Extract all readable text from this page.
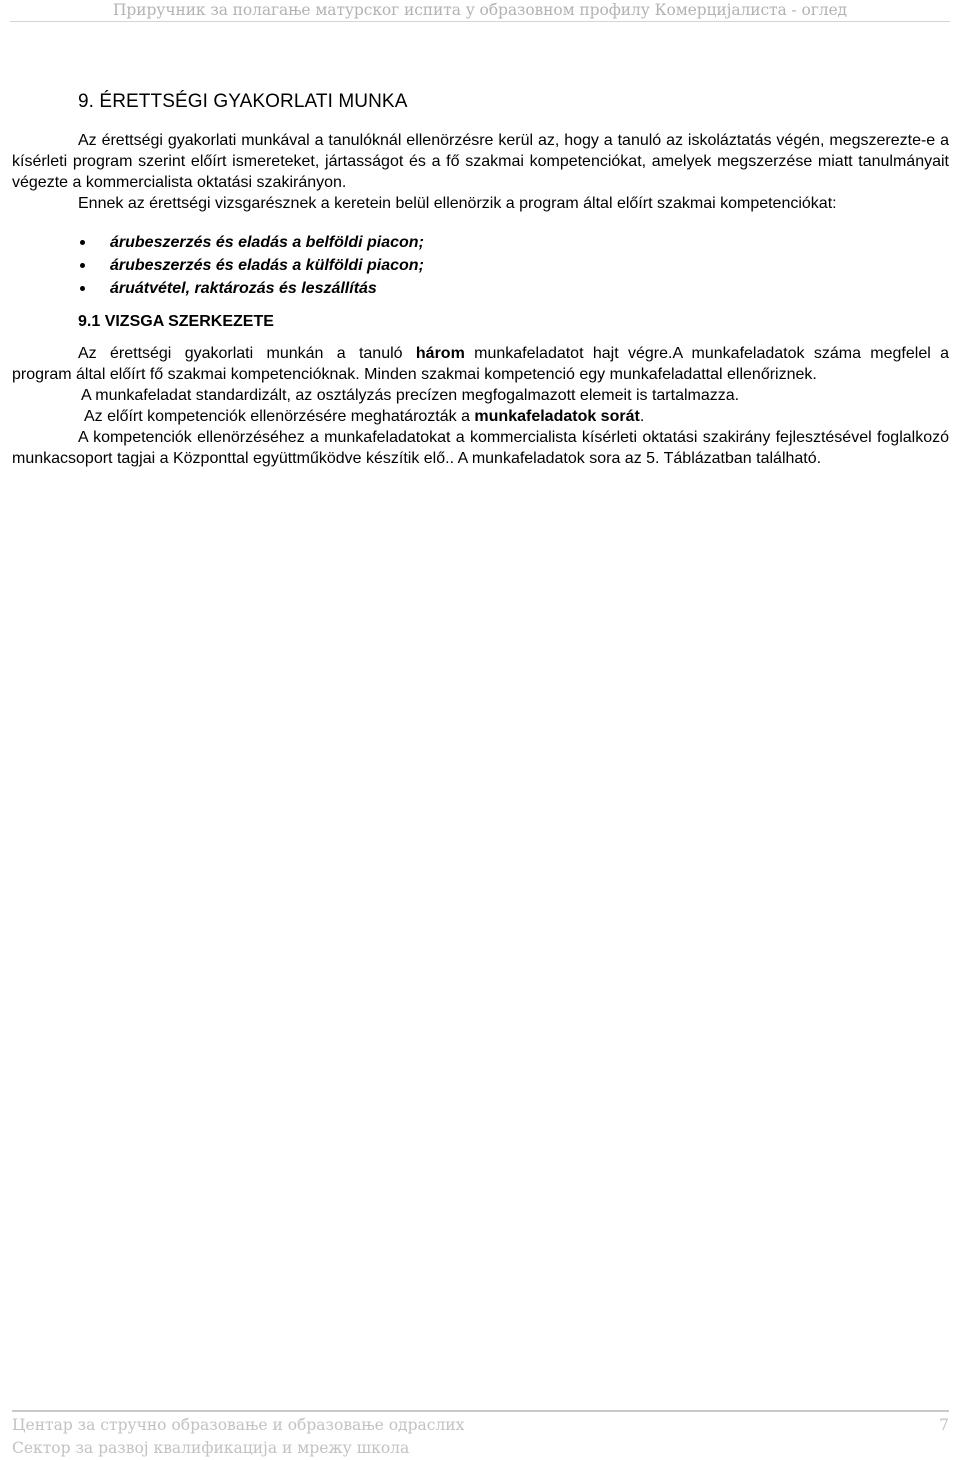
Приручник за полагање матурског испита у образовном профилу Комерцијалиста - оглед
9. ÉRETTSÉGI GYAKORLATI MUNKA

Az érettségi gyakorlati munkával a tanulóknál ellenörzésre kerül az, hogy a tanuló az iskoláztatás végén, megszerezte-e a kísérleti program szerint előírt ismereteket, jártasságot és a fő szakmai kompetenciókat, amelyek megszerzése miatt tanulmányait végezte a kommercialista oktatási szakirányon.

Ennek az érettségi vizsgarésznek a keretein belül ellenörzik a program által előírt szakmai kompetenciókat:

árubeszerzés és eladás a belföldi piacon;
árubeszerzés és eladás a külföldi piacon;
áruátvétel, raktározás és leszállítás
9.1 VIZSGA SZERKEZETE

Az érettségi gyakorlati munkán a tanuló három munkafeladatot hajt végre.A munkafeladatok száma megfelel a program által előírt fő szakmai kompetencióknak. Minden szakmai kompetenció egy munkafeladattal ellenőriznek.

A munkafeladat standardizált, az osztályzás precízen megfogalmazott elemeit is tartalmazza.

Az előírt kompetenciók ellenörzésére meghatározták a munkafeladatok sorát.

A kompetenciók ellenörzéséhez a munkafeladatokat a kommercialista kísérleti oktatási szakirány fejlesztésével foglalkozó munkacsoport tagjai a Központtal együttműködve készítik elő.. A munkafeladatok sora az 5. Táblázatban található.

Центар за стручно образовање и образовање одраслих	7
Сектор за развој квалификација и мрежу школа
